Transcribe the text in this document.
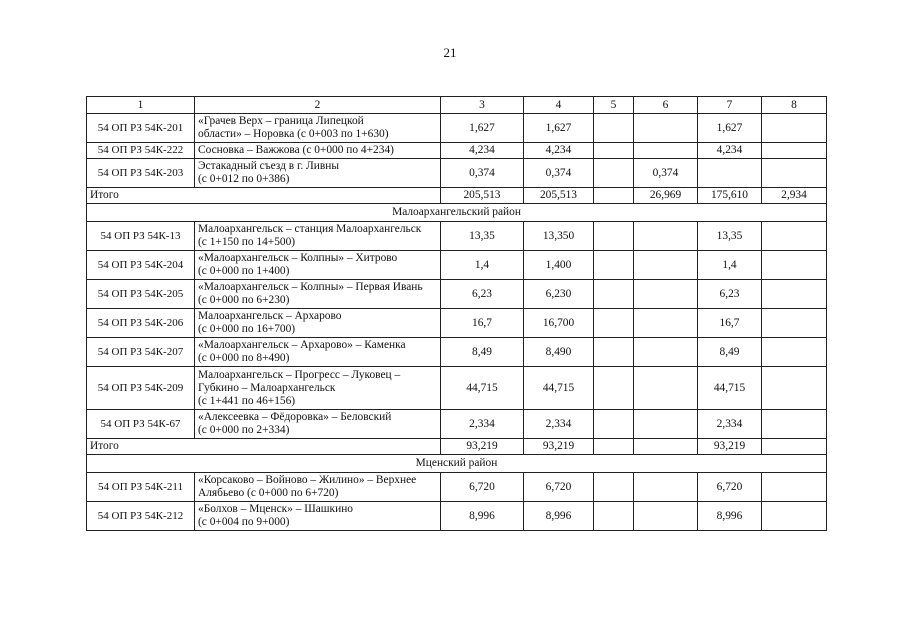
21
1	2	3	4	5	6	7	8
54 ОП РЗ 54К-201	«Грачев Верх – граница Липецкой
области» – Норовка (с 0+003 по 1+630)	1,627	1,627			1,627	
54 ОП РЗ 54К-222	Сосновка – Важжова (с 0+000 по 4+234)	4,234	4,234			4,234	
54 ОП РЗ 54К-203	Эстакадный съезд в г. Ливны
(с 0+012 по 0+386)	0,374	0,374		0,374		
Итого		205,513	205,513		26,969	175,610	2,934
Малоархангельский район							
54 ОП РЗ 54К-13	Малоархангельск – станция Малоархангельск
(с 1+150 по 14+500)	13,35	13,350			13,35	
54 ОП РЗ 54К-204	«Малоархангельск – Колпны» – Хитрово
(с 0+000 по 1+400)	1,4	1,400			1,4	
54 ОП РЗ 54К-205	«Малоархангельск – Колпны» – Первая Ивань
(с 0+000 по 6+230)	6,23	6,230			6,23	
54 ОП РЗ 54К-206	Малоархангельск – Архарово
(с 0+000 по 16+700)	16,7	16,700			16,7	
54 ОП РЗ 54К-207	«Малоархангельск – Архарово» – Каменка
(с 0+000 по 8+490)	8,49	8,490			8,49	
54 ОП РЗ 54К-209	Малоархангельск – Прогресс – Луковец –
Губкино – Малоархангельск
(с 1+441 по 46+156)	44,715	44,715			44,715	
54 ОП РЗ 54К-67	«Алексеевка – Фёдоровка» – Беловский
(с 0+000 по 2+334)	2,334	2,334			2,334	
Итого		93,219	93,219			93,219	
Мценский район							
54 ОП РЗ 54К-211	«Корсаково – Войново – Жилино» – Верхнее
Алябьево (с 0+000 по 6+720)	6,720	6,720			6,720	
54 ОП РЗ 54К-212	«Болхов – Мценск» – Шашкино
(с 0+004 по 9+000)	8,996	8,996			8,996	
